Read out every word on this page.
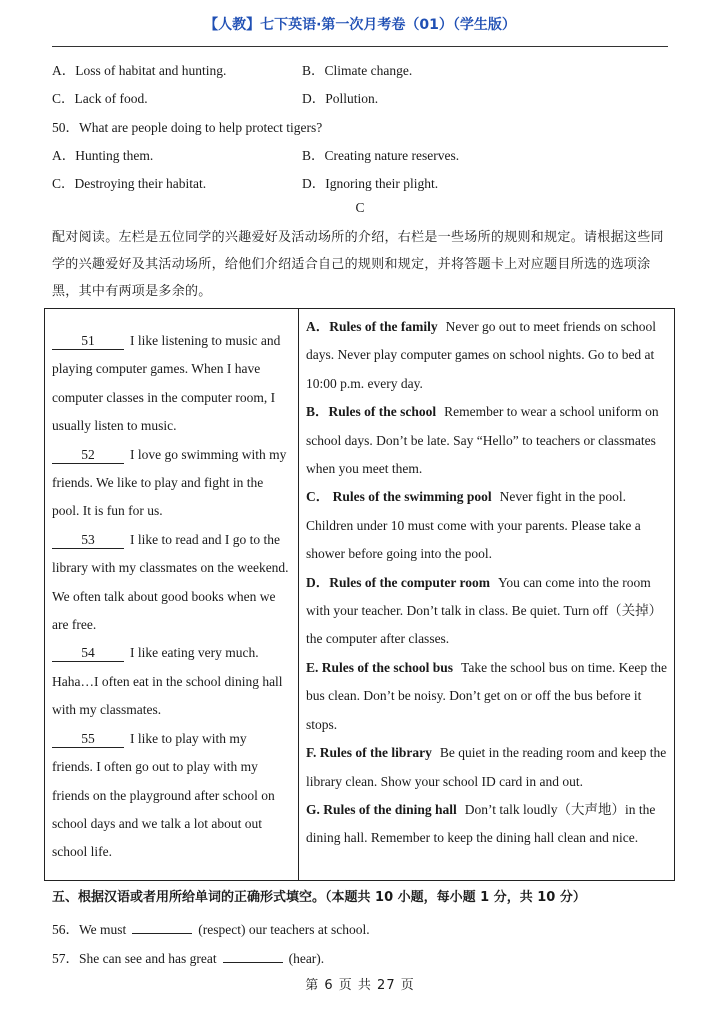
【人教】七下英语·第一次月考卷（01）（学生版）
A．Loss of habitat and hunting.	B．Climate change.
C．Lack of food.	D．Pollution.
50．What are people doing to help protect tigers?
A．Hunting them.	B．Creating nature reserves.
C．Destroying their habitat.	D．Ignoring their plight.
C
配对阅读。左栏是五位同学的兴趣爱好及活动场所的介绍，右栏是一些场所的规则和规定。请根据这些同学的兴趣爱好及其活动场所，给他们介绍适合自己的规则和规定，并将答题卡上对应题目所选的选项涂黑，其中有两项是多余的。
51	I like listening to music and playing computer games. When I have computer classes in the computer room, I usually listen to music.
52	I love go swimming with my friends. We like to play and fight in the pool. It is fun for us.
53	I like to read and I go to the library with my classmates on the weekend. We often talk about good books when we are free.
54	I like eating very much. Haha…I often eat in the school dining hall with my classmates.
55	I like to play with my friends. I often go out to play with my friends on the playground after school on school days and we talk a lot about out school life.
A．Rules of the family Never go out to meet friends on school days. Never play computer games on school nights. Go to bed at 10:00 p.m. every day.
B．Rules of the school Remember to wear a school uniform on school days. Don’t be late. Say “Hello” to teachers or classmates when you meet them.
C． Rules of the swimming pool Never fight in the pool. Children under 10 must come with your parents. Please take a shower before going into the pool.
D．Rules of the computer room You can come into the room with your teacher. Don’t talk in class. Be quiet. Turn off（关掉）the computer after classes.
E. Rules of the school bus Take the school bus on time. Keep the bus clean. Don’t be noisy. Don’t get on or off the bus before it stops.
F. Rules of the library Be quiet in the reading room and keep the library clean. Show your school ID card in and out.
G. Rules of the dining hall Don’t talk loudly（大声地）in the dining hall. Remember to keep the dining hall clean and nice.
五、根据汉语或者用所给单词的正确形式填空。（本题共 10 小题，每小题 1 分，共 10 分）
56．We must	(respect) our teachers at school.
57．She can see and has great	(hear).
第 6 页 共 27 页
